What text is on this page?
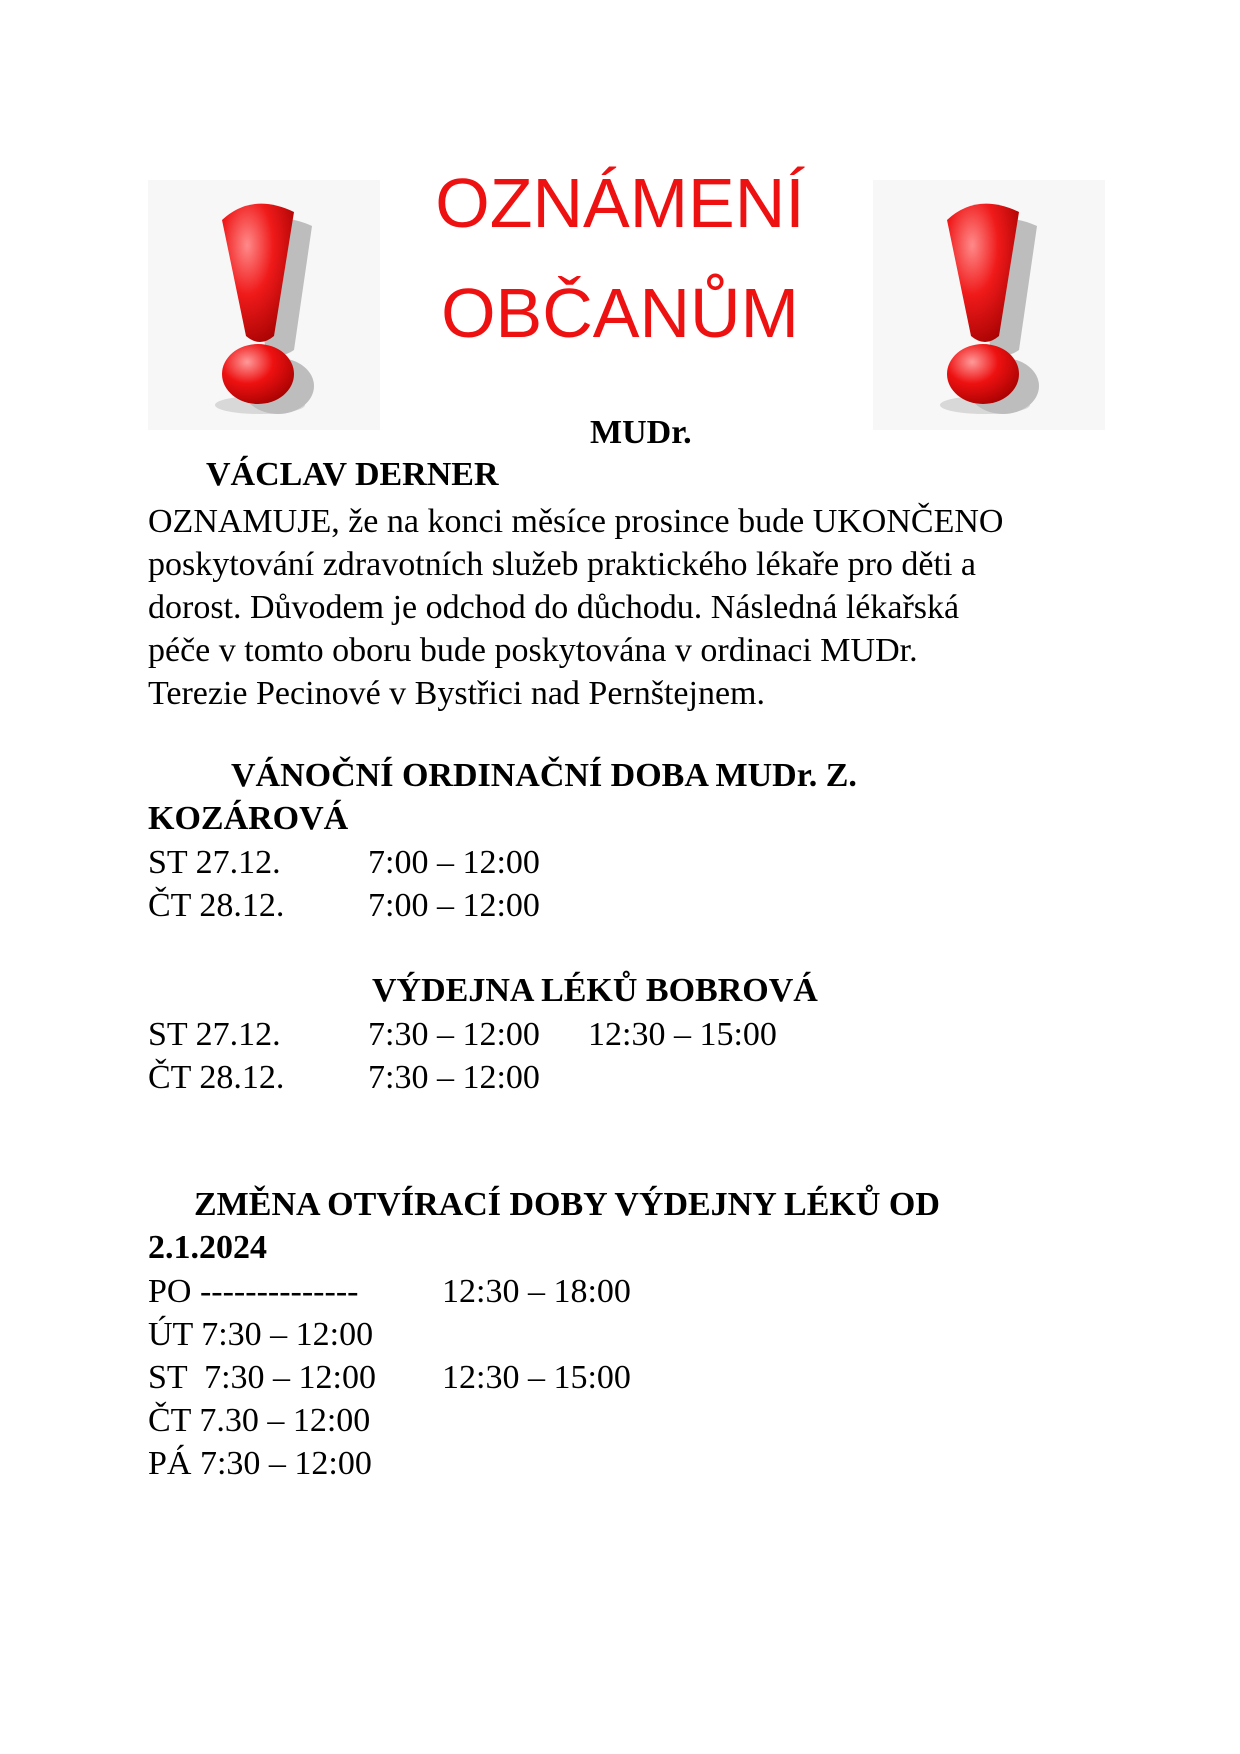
OZNÁMENÍ
OBČANŮM
MUDr.
VÁCLAV DERNER
OZNAMUJE, že na konci měsíce prosince bude UKONČENO
poskytování zdravotních služeb praktického lékaře pro děti a
dorost. Důvodem je odchod do důchodu. Následná lékařská
péče v tomto oboru bude poskytována v ordinaci MUDr.
Terezie Pecinové v Bystřici nad Pernštejnem.
VÁNOČNÍ ORDINAČNÍ DOBA MUDr. Z.
KOZÁROVÁ
ST 27.12.	7:00 – 12:00
ČT 28.12. 7:00 – 12:00
VÝDEJNA LÉKŮ BOBROVÁ
ST 27.12.	7:30 – 12:00 12:30 – 15:00
ČT 28.12. 7:30 – 12:00
ZMĚNA OTVÍRACÍ DOBY VÝDEJNY LÉKŮ OD
2.1.2024
PO -------------- 12:30 – 18:00
ÚT 7:30 – 12:00
ST  7:30 – 12:00 12:30 – 15:00
ČT 7.30 – 12:00
PÁ 7:30 – 12:00
